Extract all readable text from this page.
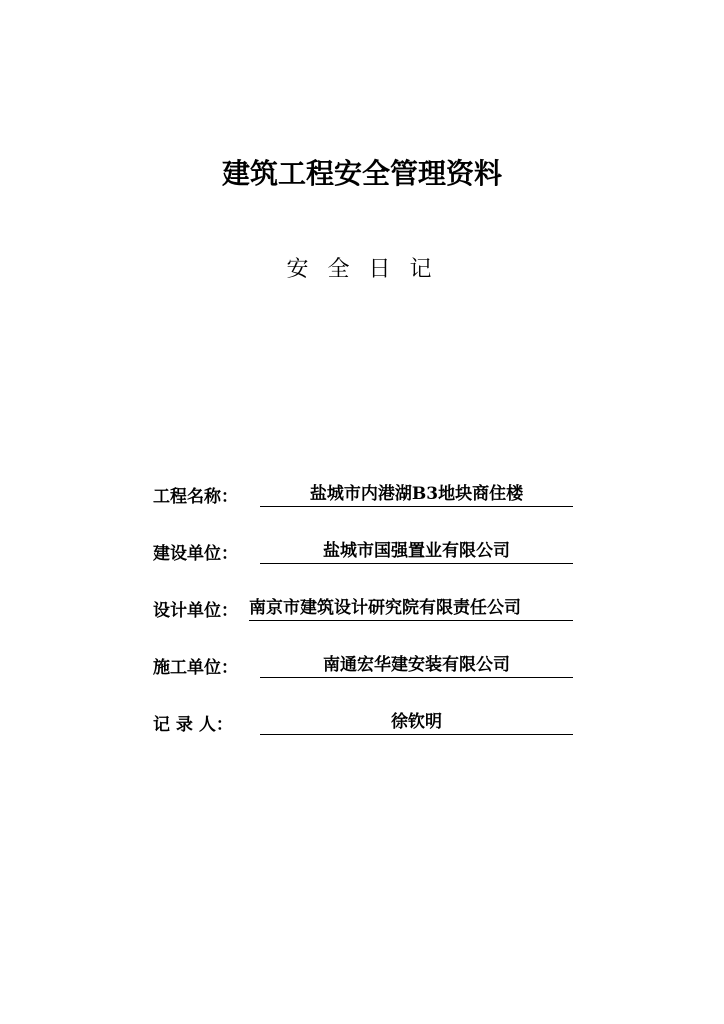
建筑工程安全管理资料
安 全 日 记
工程名称：	盐城市内港湖B3地块商住楼
建设单位：	盐城市国强置业有限公司
设计单位： 南京市建筑设计研究院有限责任公司
施工单位：	南通宏华建安装有限公司
记 录 人：	徐钦明
